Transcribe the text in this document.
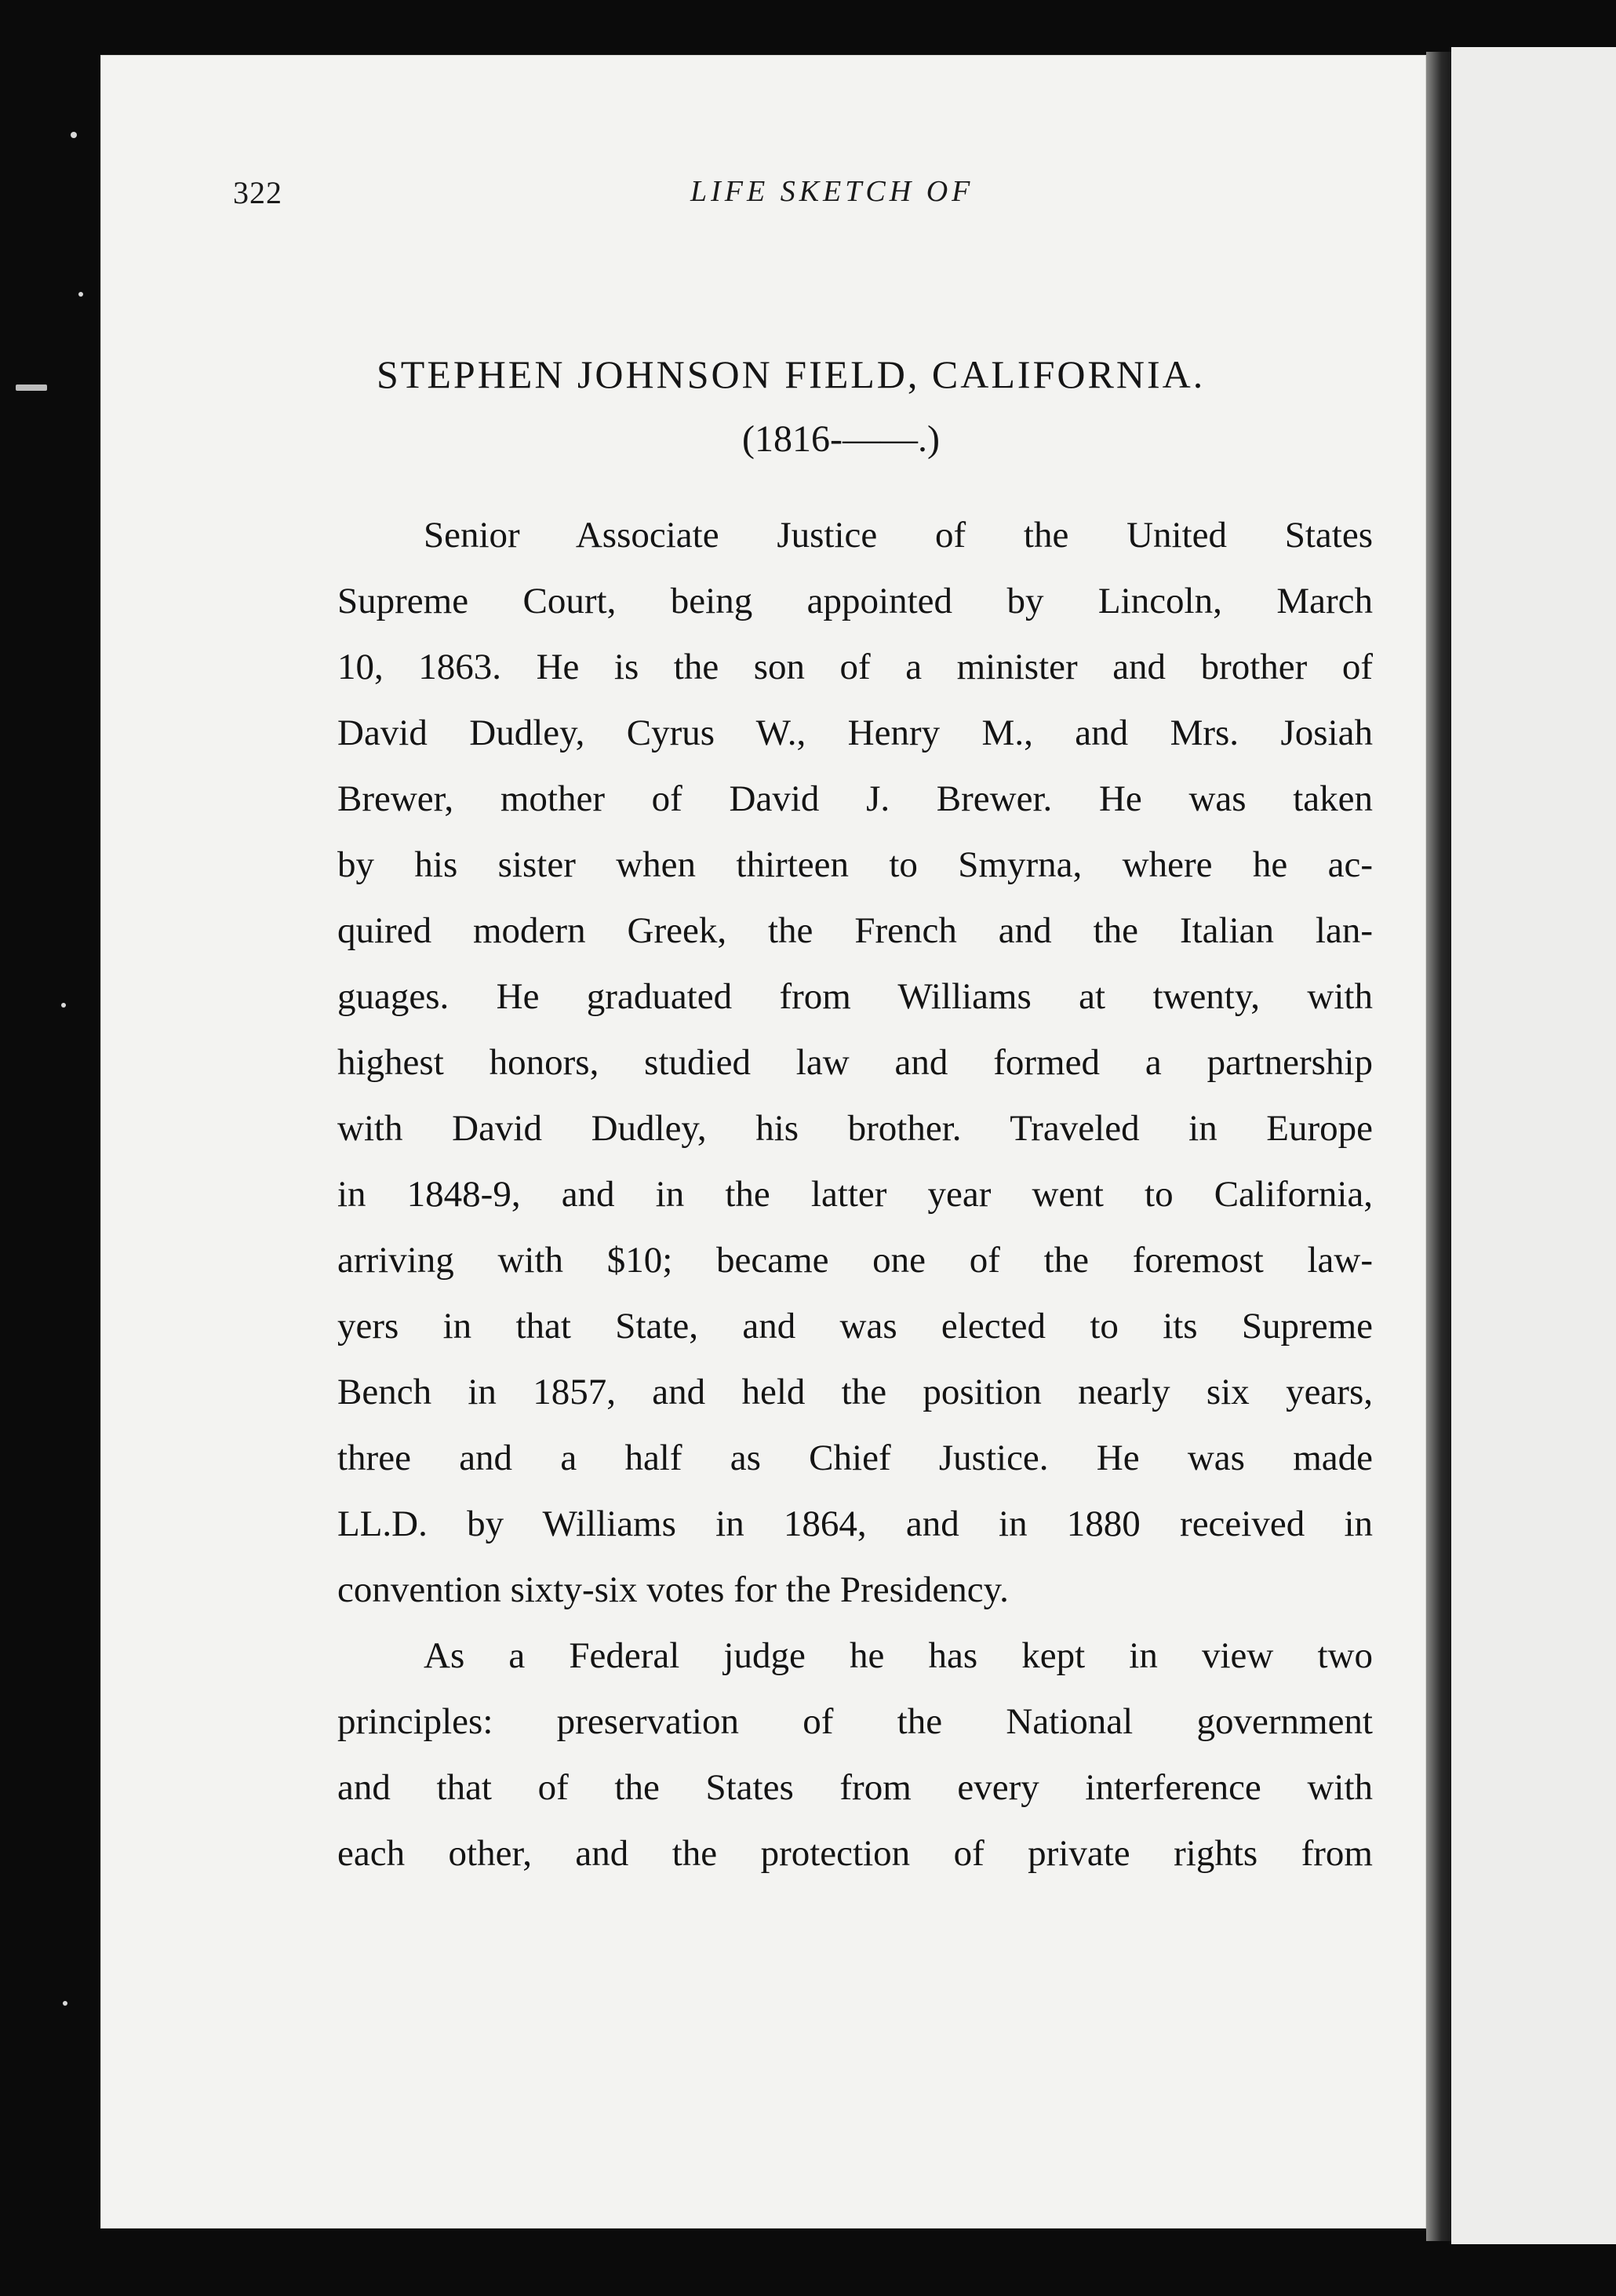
322	LIFE SKETCH OF
STEPHEN JOHNSON FIELD, CALIFORNIA.
(1816-——.)
Senior Associate Justice of the United States
Supreme Court, being appointed by Lincoln, March
10, 1863. He is the son of a minister and brother of
David Dudley, Cyrus W., Henry M., and Mrs. Josiah
Brewer, mother of David J. Brewer. He was taken
by his sister when thirteen to Smyrna, where he ac-
quired modern Greek, the French and the Italian lan-
guages. He graduated from Williams at twenty, with
highest honors, studied law and formed a partnership
with David Dudley, his brother. Traveled in Europe
in 1848-9, and in the latter year went to California,
arriving with $10; became one of the foremost law-
yers in that State, and was elected to its Supreme
Bench in 1857, and held the position nearly six years,
three and a half as Chief Justice. He was made
LL.D. by Williams in 1864, and in 1880 received in
convention sixty-six votes for the Presidency.
As a Federal judge he has kept in view two
principles: preservation of the National government
and that of the States from every interference with
each other, and the protection of private rights from
